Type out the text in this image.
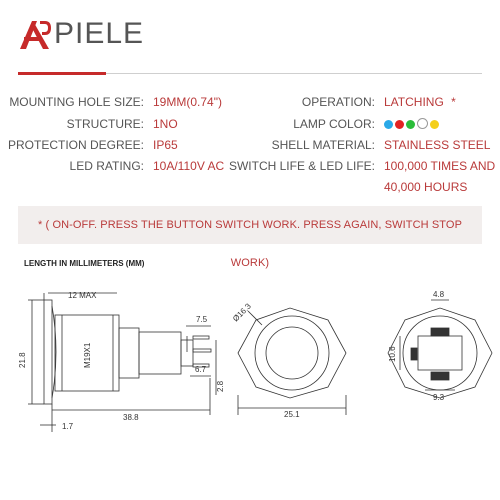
PIELE
MOUNTING HOLE SIZE: 19MM(0.74")
STRUCTURE: 1NO
PROTECTION DEGREE: IP65
LED RATING: 10A/110V AC
OPERATION: LATCHING *
LAMP COLOR:
SHELL MATERIAL: STAINLESS STEEL
SWITCH LIFE & LED LIFE: 100,000 TIMES AND
40,000 HOURS
* ( ON-OFF. PRESS THE BUTTON SWITCH WORK. PRESS AGAIN, SWITCH STOP WORK)
LENGTH IN MILLIMETERS (MM)
12 MAX
21.8	M19X1
7.5
6.7
2.8
1.7
38.8
Ø16.3
25.1
4.8
10.6
9.3
